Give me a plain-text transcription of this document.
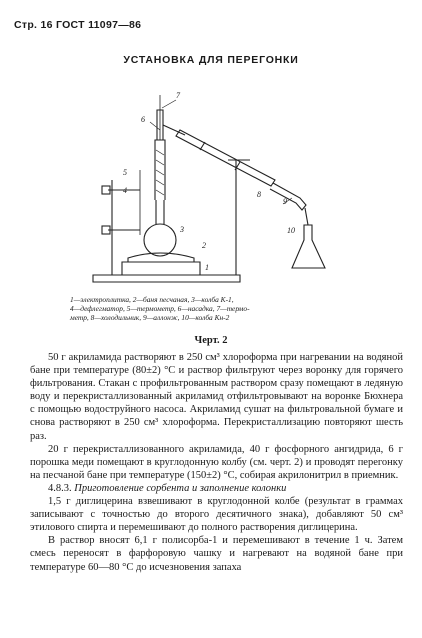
Стр. 16 ГОСТ 11097—86
УСТАНОВКА ДЛЯ ПЕРЕГОНКИ
1
2
3
4
5
6
7
8
9
10
1—электроплитка, 2—баня песчаная, 3—колба К-1,
4—дефлегматор, 5—термометр, 6—насадка, 7—термо-
метр, 8—холодильник, 9—аллонж, 10—колба Кн-2
Черт. 2

50 г акриламида растворяют в 250 см³ хлороформа при нагревании на водяной бане при температуре (80±2) °С и раствор фильтруют через воронку для горячего фильтрования. Стакан с профильтрованным раствором сразу помещают в ледяную воду и перекристаллизованный акриламид отфильтровывают на воронке Бюхнера с помощью водоструйного насоса. Акриламид сушат на фильтровальной бумаге и снова растворяют в 250 см³ хлороформа. Перекристаллизацию повторяют шесть раз.

20 г перекристаллизованного акриламида, 40 г фосфорного ангидрида, 6 г порошка меди помещают в круглодонную колбу (см. черт. 2) и проводят перегонку на песчаной бане при температуре (150±2) °С, собирая акрилонитрил в приемник.

4.8.3. Приготовление сорбента и заполнение колонки

1,5 г диглицерина взвешивают в круглодонной колбе (результат в граммах записывают с точностью до второго десятичного знака), добавляют 50 см³ этилового спирта и перемешивают до полного растворения диглицерина.

В раствор вносят 6,1 г полисорба-1 и перемешивают в течение 1 ч. Затем смесь переносят в фарфоровую чашку и нагревают на водяной бане при температуре 60—80 °С до исчезновения запаха
